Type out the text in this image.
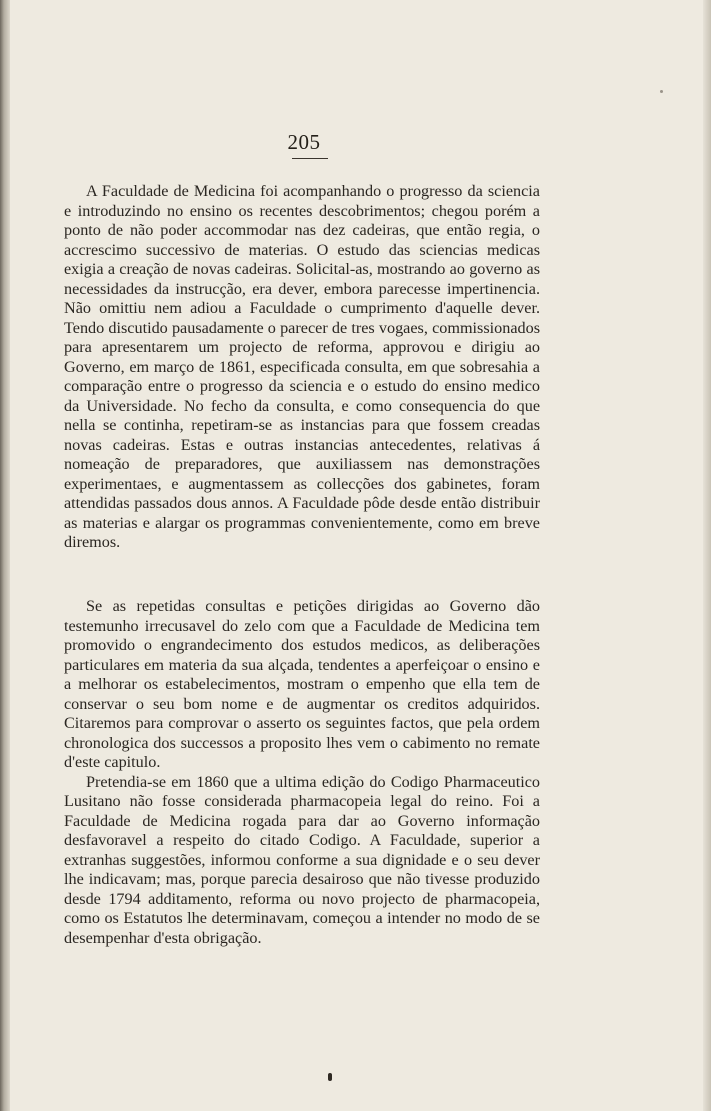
205

A Faculdade de Medicina foi acompanhando o progresso da sciencia e introduzindo no ensino os recentes descobrimentos; chegou porém a ponto de não poder accommodar nas dez cadeiras, que então regia, o accrescimo successivo de materias. O estudo das sciencias medicas exigia a creação de novas cadeiras. Solicital-as, mostrando ao governo as necessidades da instrucção, era dever, embora parecesse impertinencia. Não omittiu nem adiou a Faculdade o cumprimento d'aquelle dever. Tendo discutido pausadamente o parecer de tres vogaes, commissionados para apresentarem um projecto de reforma, approvou e dirigiu ao Governo, em março de 1861, especificada consulta, em que sobresahia a comparação entre o progresso da sciencia e o estudo do ensino medico da Universidade. No fecho da consulta, e como consequencia do que nella se continha, repetiram-se as instancias para que fossem creadas novas cadeiras. Estas e outras instancias antecedentes, relativas á nomeação de preparadores, que auxiliassem nas demonstrações experimentaes, e augmentassem as collecções dos gabinetes, foram attendidas passados dous annos. A Faculdade pôde desde então distribuir as materias e alargar os programmas convenientemente, como em breve diremos.

Se as repetidas consultas e petições dirigidas ao Governo dão testemunho irrecusavel do zelo com que a Faculdade de Medicina tem promovido o engrandecimento dos estudos medicos, as deliberações particulares em materia da sua alçada, tendentes a aperfeiçoar o ensino e a melhorar os estabelecimentos, mostram o empenho que ella tem de conservar o seu bom nome e de augmentar os creditos adquiridos. Citaremos para comprovar o asserto os seguintes factos, que pela ordem chronologica dos successos a proposito lhes vem o cabimento no remate d'este capitulo.

Pretendia-se em 1860 que a ultima edição do Codigo Pharmaceutico Lusitano não fosse considerada pharmacopeia legal do reino. Foi a Faculdade de Medicina rogada para dar ao Governo informação desfavoravel a respeito do citado Codigo. A Faculdade, superior a extranhas suggestões, informou conforme a sua dignidade e o seu dever lhe indicavam; mas, porque parecia desairoso que não tivesse produzido desde 1794 additamento, reforma ou novo projecto de pharmacopeia, como os Estatutos lhe determinavam, começou a intender no modo de se desempenhar d'esta obrigação.
